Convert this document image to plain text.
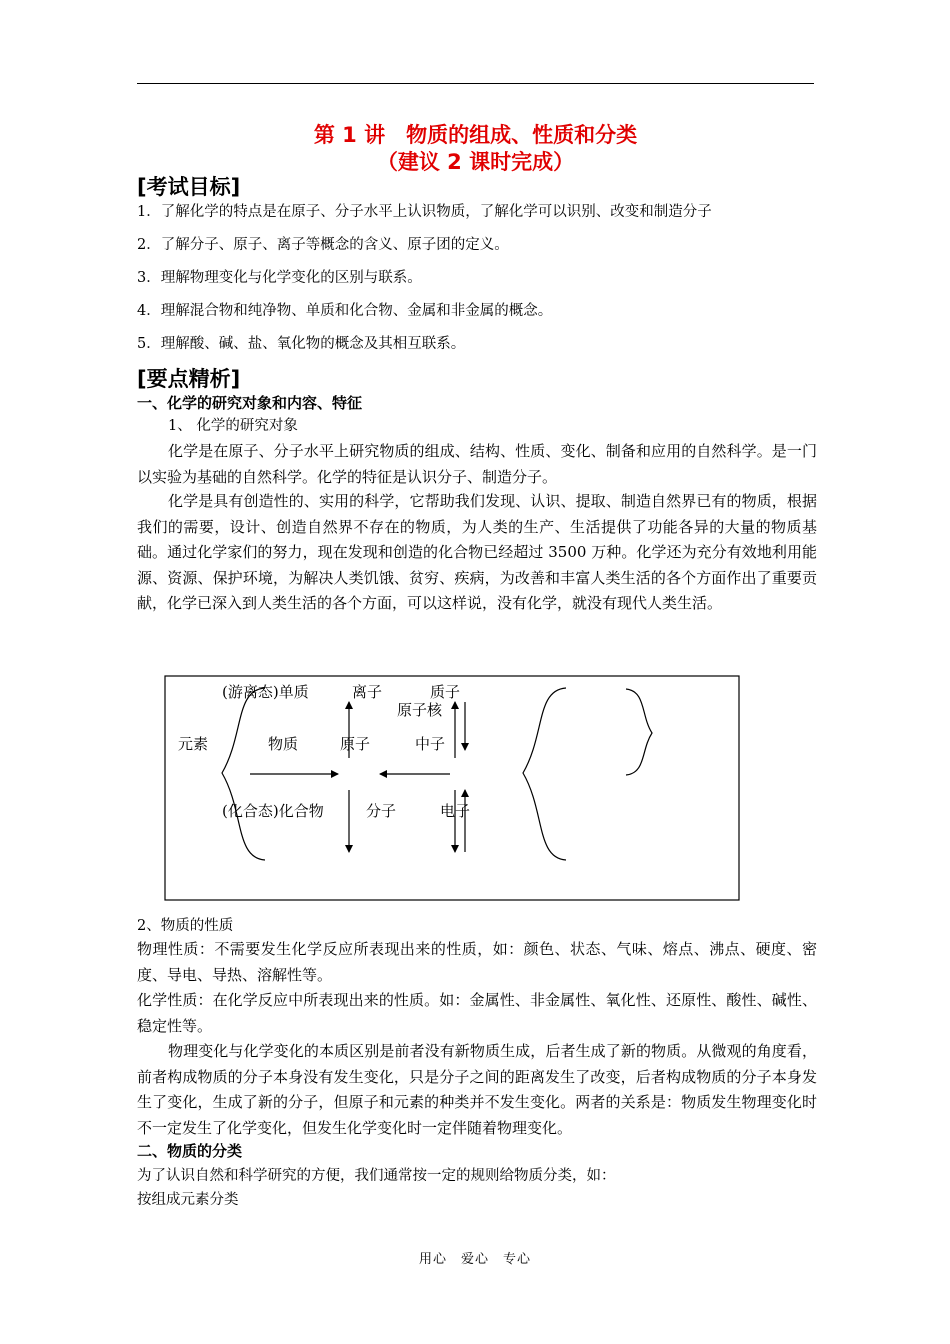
第 1 讲　物质的组成、性质和分类
（建议 2 课时完成）
[考试目标]
1．了解化学的特点是在原子、分子水平上认识物质，了解化学可以识别、改变和制造分子
2．了解分子、原子、离子等概念的含义、原子团的定义。
3．理解物理变化与化学变化的区别与联系。
4．理解混合物和纯净物、单质和化合物、金属和非金属的概念。
5．理解酸、碱、盐、氧化物的概念及其相互联系。
[要点精析]
一、化学的研究对象和内容、特征
1、 化学的研究对象
化学是在原子、分子水平上研究物质的组成、结构、性质、变化、制备和应用的自然科学。是一门以实验为基础的自然科学。化学的特征是认识分子、制造分子。
化学是具有创造性的、实用的科学，它帮助我们发现、认识、提取、制造自然界已有的物质，根据我们的需要，设计、创造自然界不存在的物质，为人类的生产、生活提供了功能各异的大量的物质基础。通过化学家们的努力，现在发现和创造的化合物已经超过 3500 万种。化学还为充分有效地利用能源、资源、保护环境，为解决人类饥饿、贫穷、疾病，为改善和丰富人类生活的各个方面作出了重要贡献，化学已深入到人类生活的各个方面，可以这样说，没有化学，就没有现代人类生活。
(游离态)单质	离子	质子
原子核
元素	物质	原子	中子
(化合态)化合物	分子	电子
2、物质的性质
物理性质：不需要发生化学反应所表现出来的性质，如：颜色、状态、气味、熔点、沸点、硬度、密度、导电、导热、溶解性等。
化学性质：在化学反应中所表现出来的性质。如：金属性、非金属性、氧化性、还原性、酸性、碱性、稳定性等。
物理变化与化学变化的本质区别是前者没有新物质生成，后者生成了新的物质。从微观的角度看，前者构成物质的分子本身没有发生变化，只是分子之间的距离发生了改变，后者构成物质的分子本身发生了变化，生成了新的分子，但原子和元素的种类并不发生变化。两者的关系是：物质发生物理变化时不一定发生了化学变化，但发生化学变化时一定伴随着物理变化。
二、物质的分类
为了认识自然和科学研究的方便，我们通常按一定的规则给物质分类，如：
按组成元素分类
用心　爱心　专心
